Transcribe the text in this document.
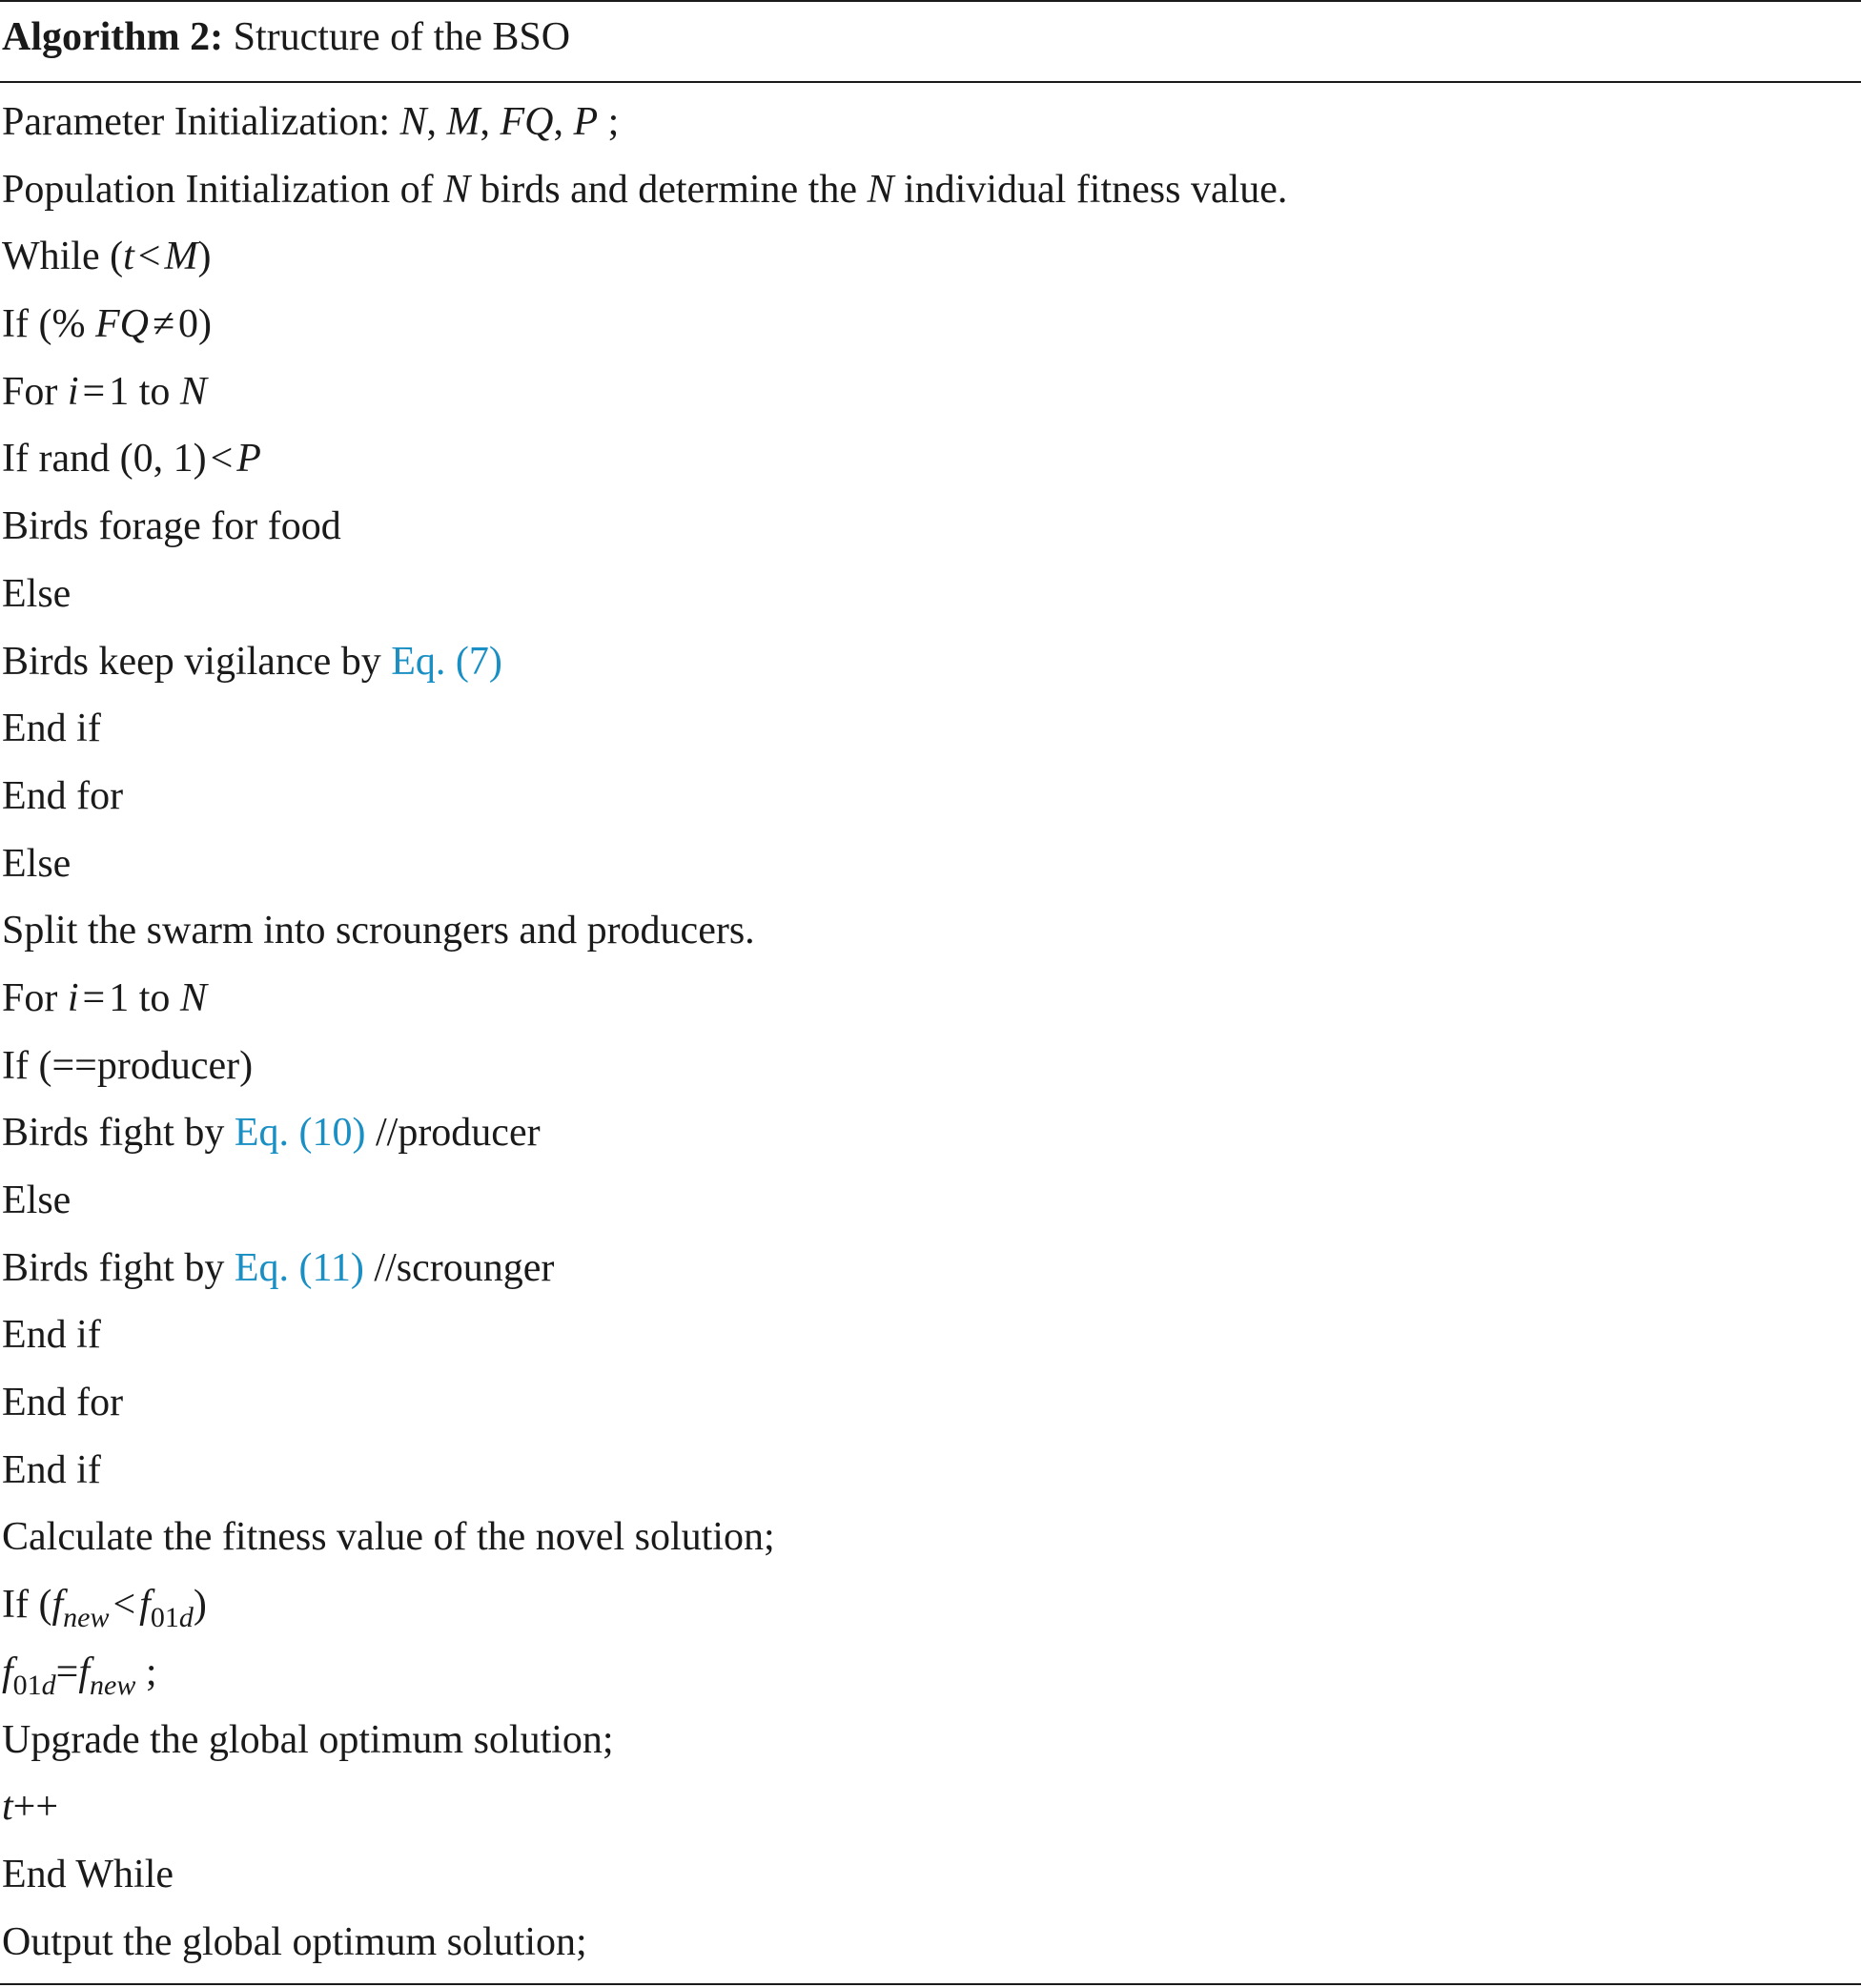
Algorithm 2: Structure of the BSO
Parameter Initialization: N, M, FQ, P ;
Population Initialization of N birds and determine the N individual fitness value.
While (t<M)
If (% FQ≠0)
For i=1 to N
If rand (0, 1)<P
Birds forage for food
Else
Birds keep vigilance by Eq. (7)
End if
End for
Else
Split the swarm into scroungers and producers.
For i=1 to N
If (==producer)
Birds fight by Eq. (10) //producer
Else
Birds fight by Eq. (11) //scrounger
End if
End for
End if
Calculate the fitness value of the novel solution;
If $(f_{new}<f_{01d})$
$f_{01d}=f_{new}$ ;
Upgrade the global optimum solution;
t++
End While
Output the global optimum solution;
